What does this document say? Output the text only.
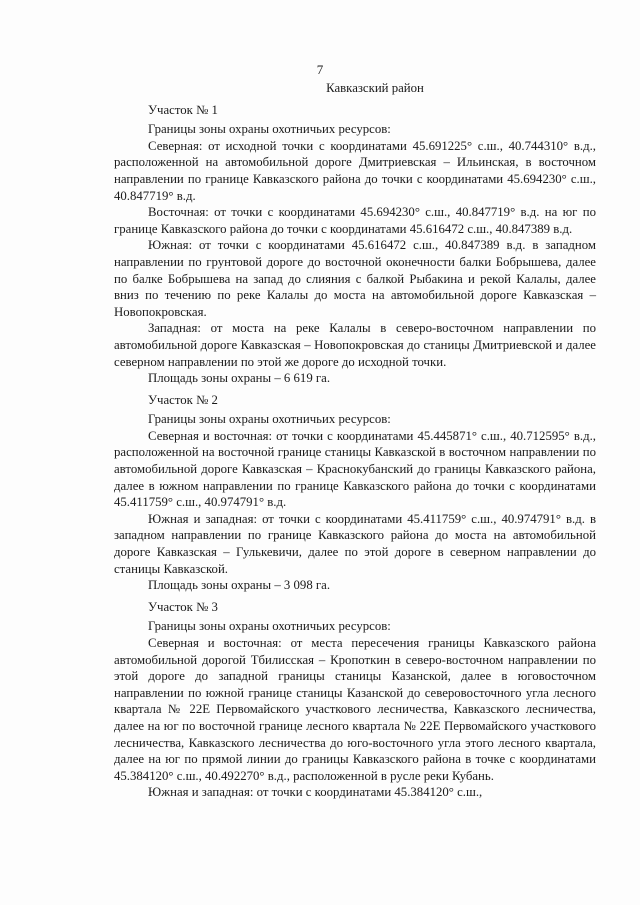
7
Кавказский район
Участок № 1

Границы зоны охраны охотничьих ресурсов:

Северная: от исходной точки с координатами 45.691225° с.ш., 40.744310° в.д., расположенной на автомобильной дороге Дмитриевская – Ильинская, в восточном направлении по границе Кавказского района до точки с координатами 45.694230° с.ш., 40.847719° в.д.

Восточная: от точки с координатами 45.694230° с.ш., 40.847719° в.д. на юг по границе Кавказского района до точки с координатами 45.616472 с.ш., 40.847389 в.д.

Южная: от точки с координатами 45.616472 с.ш., 40.847389 в.д. в западном направлении по грунтовой дороге до восточной оконечности балки Бобрышева, далее по балке Бобрышева на запад до слияния с балкой Рыбакина и рекой Калалы, далее вниз по течению по реке Калалы до моста на автомобильной дороге Кавказская – Новопокровская.

Западная: от моста на реке Калалы в северо-восточном направлении по автомобильной дороге Кавказская – Новопокровская до станицы Дмитриевской и далее северном направлении по этой же дороге до исходной точки.

Площадь зоны охраны – 6 619 га.

Участок № 2

Границы зоны охраны охотничьих ресурсов:

Северная и восточная: от точки с координатами 45.445871° с.ш., 40.712595° в.д., расположенной на восточной границе станицы Кавказской в восточном направлении по автомобильной дороге Кавказская – Краснокубанский до границы Кавказского района, далее в южном направлении по границе Кавказского района до точки с координатами 45.411759° с.ш., 40.974791° в.д.

Южная и западная: от точки с координатами 45.411759° с.ш., 40.974791° в.д. в западном направлении по границе Кавказского района до моста на автомобильной дороге Кавказская – Гулькевичи, далее по этой дороге в северном направлении до станицы Кавказской.

Площадь зоны охраны – 3 098 га.

Участок № 3

Границы зоны охраны охотничьих ресурсов:

Северная и восточная: от места пересечения границы Кавказского района автомобильной дорогой Тбилисская – Кропоткин в северо-восточном направлении по этой дороге до западной границы станицы Казанской, далее в юговосточном направлении по южной границе станицы Казанской до северовосточного угла лесного квартала № 22Е Первомайского участкового лесничества, Кавказского лесничества, далее на юг по восточной границе лесного квартала № 22Е Первомайского участкового лесничества, Кавказского лесничества до юго-восточного угла этого лесного квартала, далее на юг по прямой линии до границы Кавказского района в точке с координатами 45.384120° с.ш., 40.492270° в.д., расположенной в русле реки Кубань.

Южная и западная: от точки с координатами 45.384120° с.ш.,
